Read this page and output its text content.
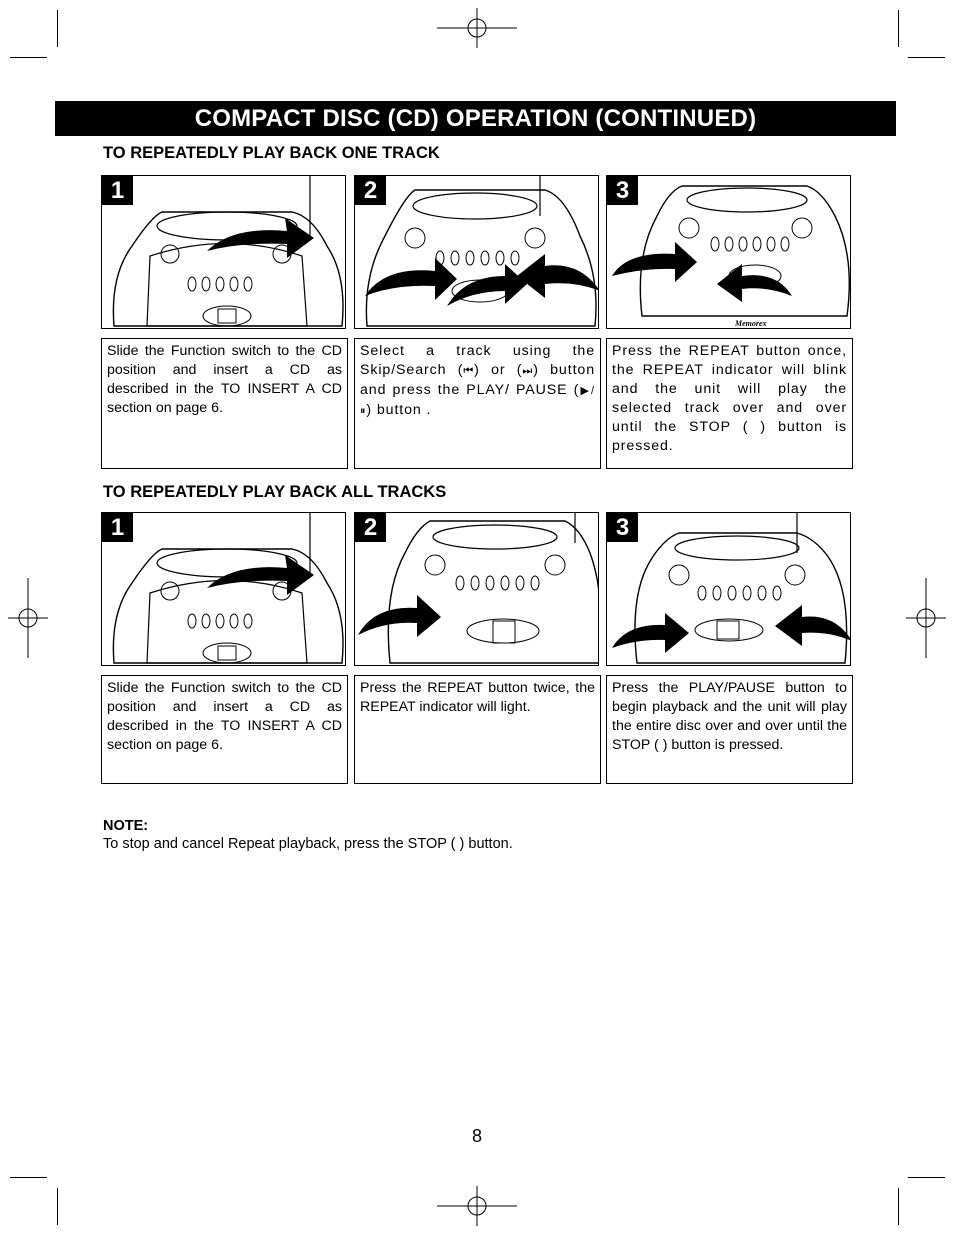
COMPACT DISC (CD) OPERATION (CONTINUED)
TO REPEATEDLY PLAY BACK ONE TRACK
1	2	3
Memorex
Slide the Function switch to the CD position and insert a CD as described in the TO INSERT A CD section on page 6.
Select a track using the Skip/Search (⏮) or (⏭) button and press the PLAY/ PAUSE (▶/⏸) button .
Press the REPEAT button once, the REPEAT indicator will blink and the unit will play the selected track over and over until the STOP ( ) button is pressed.
TO REPEATEDLY PLAY BACK ALL TRACKS
1	2	3
Slide the Function switch to the CD position and insert a CD as described in the TO INSERT A CD section on page 6.
Press the REPEAT button twice, the REPEAT indicator will light.
Press the PLAY/PAUSE button to begin playback and the unit will play the entire disc over and over until the STOP ( ) button is pressed.
NOTE:
To stop and cancel Repeat playback, press the STOP ( ) button.
8
